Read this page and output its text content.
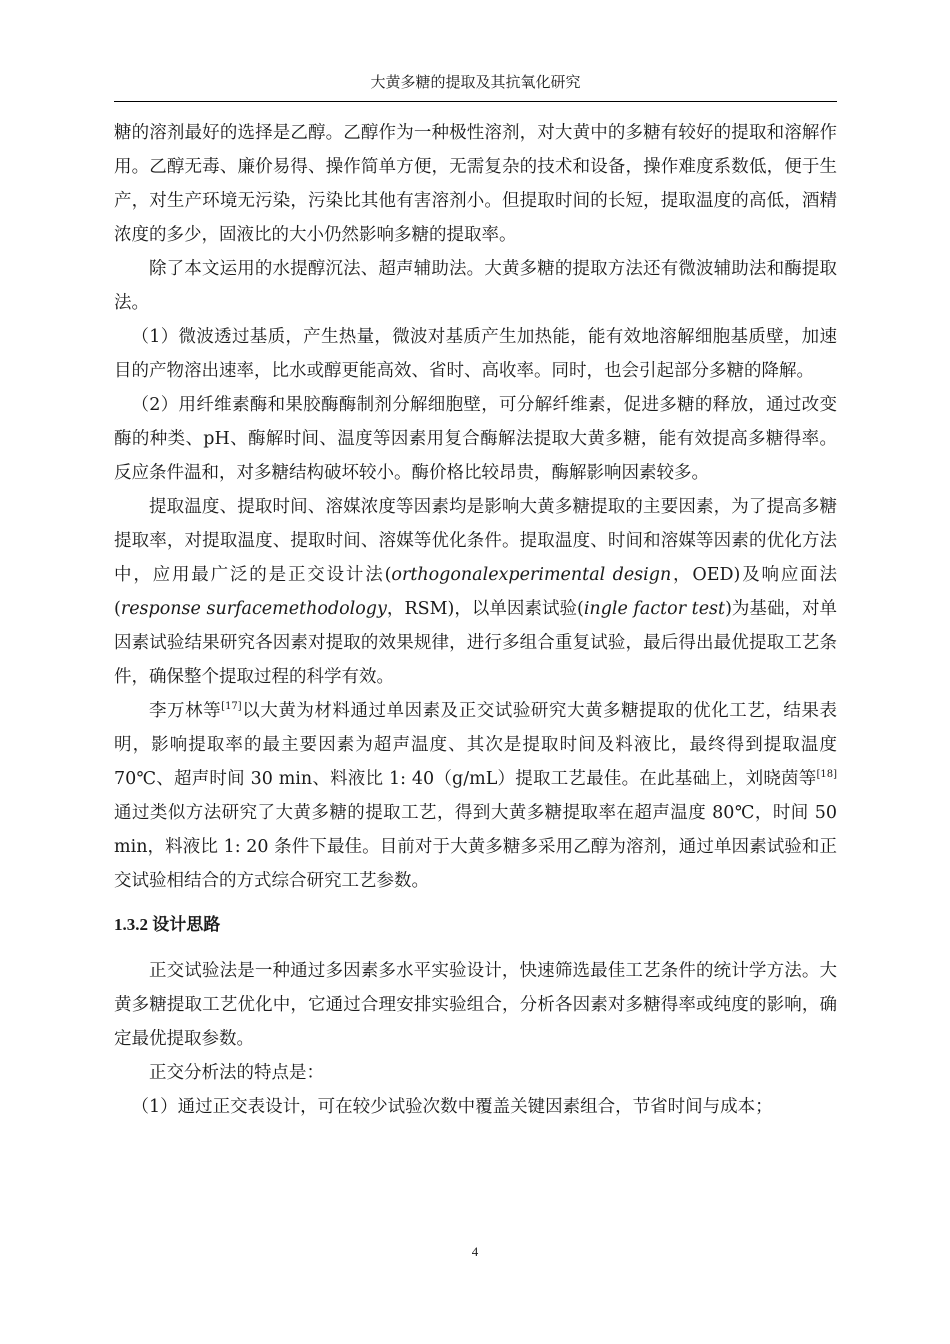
大黄多糖的提取及其抗氧化研究

糖的溶剂最好的选择是乙醇。乙醇作为一种极性溶剂，对大黄中的多糖有较好的提取和溶解作用。乙醇无毒、廉价易得、操作简单方便，无需复杂的技术和设备，操作难度系数低，便于生产，对生产环境无污染，污染比其他有害溶剂小。但提取时间的长短，提取温度的高低，酒精浓度的多少，固液比的大小仍然影响多糖的提取率。

除了本文运用的水提醇沉法、超声辅助法。大黄多糖的提取方法还有微波辅助法和酶提取法。

（1）微波透过基质，产生热量，微波对基质产生加热能，能有效地溶解细胞基质壁，加速目的产物溶出速率，比水或醇更能高效、省时、高收率。同时，也会引起部分多糖的降解。

（2）用纤维素酶和果胶酶酶制剂分解细胞壁，可分解纤维素，促进多糖的释放，通过改变酶的种类、pH、酶解时间、温度等因素用复合酶解法提取大黄多糖，能有效提高多糖得率。反应条件温和，对多糖结构破坏较小。酶价格比较昂贵，酶解影响因素较多。

提取温度、提取时间、溶媒浓度等因素均是影响大黄多糖提取的主要因素，为了提高多糖提取率，对提取温度、提取时间、溶媒等优化条件。提取温度、时间和溶媒等因素的优化方法中，应用最广泛的是正交设计法(orthogonalexperimental design，OED)及响应面法(response surfacemethodology，RSM)，以单因素试验(ingle factor test)为基础，对单因素试验结果研究各因素对提取的效果规律，进行多组合重复试验，最后得出最优提取工艺条件，确保整个提取过程的科学有效。

李万林等[17]以大黄为材料通过单因素及正交试验研究大黄多糖提取的优化工艺，结果表明，影响提取率的最主要因素为超声温度、其次是提取时间及料液比，最终得到提取温度 70℃、超声时间 30 min、料液比 1: 40（g/mL）提取工艺最佳。在此基础上，刘晓茵等[18]通过类似方法研究了大黄多糖的提取工艺，得到大黄多糖提取率在超声温度 80℃，时间 50 min，料液比 1: 20 条件下最佳。目前对于大黄多糖多采用乙醇为溶剂，通过单因素试验和正交试验相结合的方式综合研究工艺参数。

1.3.2 设计思路

正交试验法是一种通过多因素多水平实验设计，快速筛选最佳工艺条件的统计学方法。大黄多糖提取工艺优化中，它通过合理安排实验组合，分析各因素对多糖得率或纯度的影响，确定最优提取参数。

正交分析法的特点是：

（1）通过正交表设计，可在较少试验次数中覆盖关键因素组合，节省时间与成本；

4
